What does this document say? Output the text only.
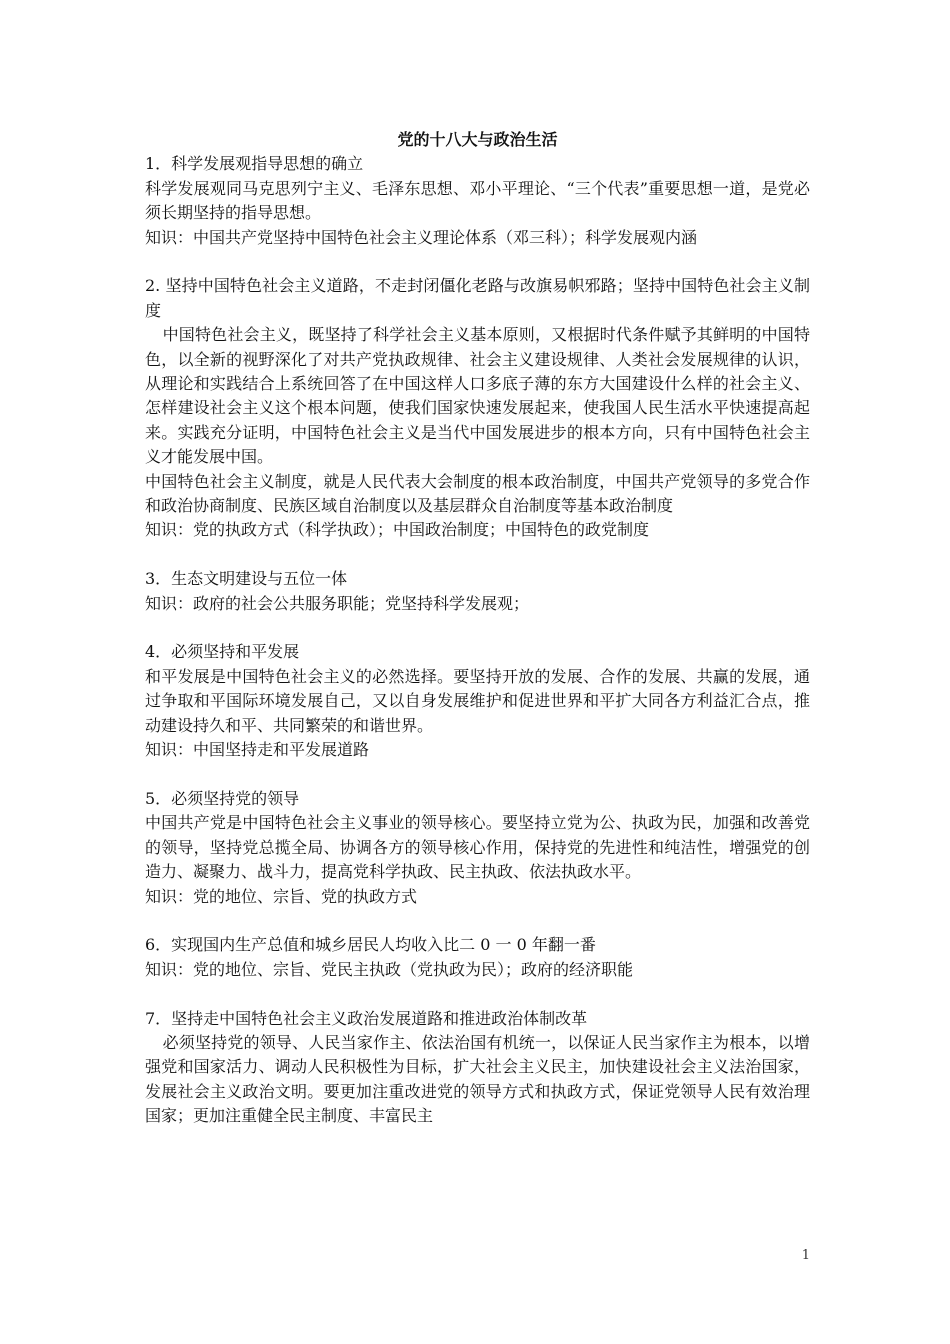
党的十八大与政治生活

1．科学发展观指导思想的确立

科学发展观同马克思列宁主义、毛泽东思想、邓小平理论、“三个代表”重要思想一道，是党必须长期坚持的指导思想。

知识：中国共产党坚持中国特色社会主义理论体系（邓三科）；科学发展观内涵

2. 坚持中国特色社会主义道路，不走封闭僵化老路与改旗易帜邪路；坚持中国特色社会主义制度

中国特色社会主义，既坚持了科学社会主义基本原则，又根据时代条件赋予其鲜明的中国特色，以全新的视野深化了对共产党执政规律、社会主义建设规律、人类社会发展规律的认识，从理论和实践结合上系统回答了在中国这样人口多底子薄的东方大国建设什么样的社会主义、怎样建设社会主义这个根本问题，使我们国家快速发展起来，使我国人民生活水平快速提高起来。实践充分证明，中国特色社会主义是当代中国发展进步的根本方向，只有中国特色社会主义才能发展中国。

中国特色社会主义制度，就是人民代表大会制度的根本政治制度，中国共产党领导的多党合作和政治协商制度、民族区域自治制度以及基层群众自治制度等基本政治制度

知识：党的执政方式（科学执政）；中国政治制度；中国特色的政党制度

3．生态文明建设与五位一体

知识：政府的社会公共服务职能；党坚持科学发展观；

4．必须坚持和平发展

和平发展是中国特色社会主义的必然选择。要坚持开放的发展、合作的发展、共赢的发展，通过争取和平国际环境发展自己，又以自身发展维护和促进世界和平扩大同各方利益汇合点，推动建设持久和平、共同繁荣的和谐世界。

知识：中国坚持走和平发展道路

5．必须坚持党的领导

中国共产党是中国特色社会主义事业的领导核心。要坚持立党为公、执政为民，加强和改善党的领导，坚持党总揽全局、协调各方的领导核心作用，保持党的先进性和纯洁性，增强党的创造力、凝聚力、战斗力，提高党科学执政、民主执政、依法执政水平。

知识：党的地位、宗旨、党的执政方式

6．实现国内生产总值和城乡居民人均收入比二 0 一 0 年翻一番

知识：党的地位、宗旨、党民主执政（党执政为民）；政府的经济职能

7．坚持走中国特色社会主义政治发展道路和推进政治体制改革

必须坚持党的领导、人民当家作主、依法治国有机统一，以保证人民当家作主为根本，以增强党和国家活力、调动人民积极性为目标，扩大社会主义民主，加快建设社会主义法治国家，发展社会主义政治文明。要更加注重改进党的领导方式和执政方式，保证党领导人民有效治理国家；更加注重健全民主制度、丰富民主

1
